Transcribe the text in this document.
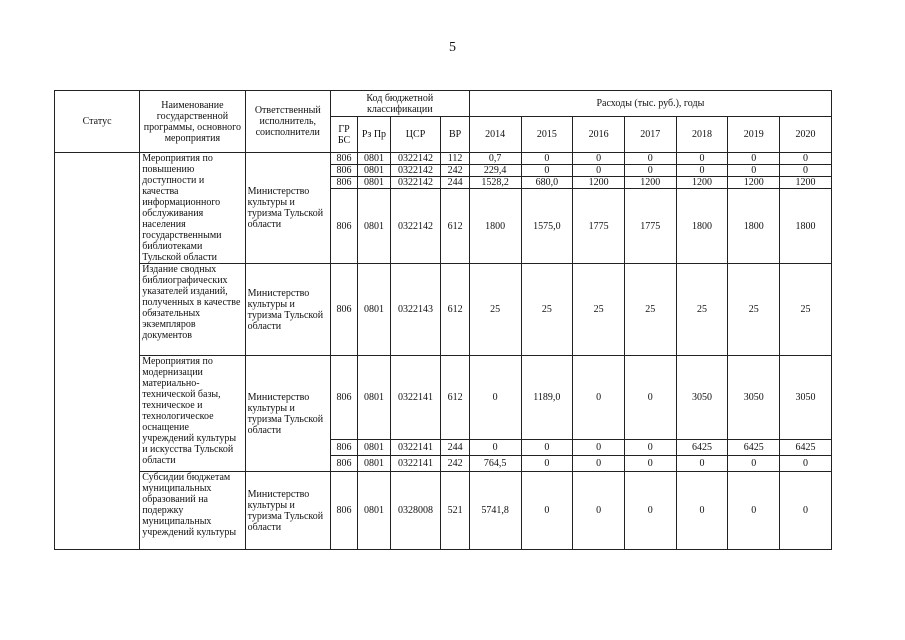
5
Статус	Наименование государственной программы, основного мероприятия	Ответственный исполнитель, соисполнители	Код бюджетной классификации				Расходы (тыс. руб.), годы						
			ГР БС	Рз Пр	ЦСР	ВР	2014	2015	2016	2017	2018	2019	2020
	Мероприятия по повышению доступности и качества информационного обслуживания населения государственными библиотеками Тульской области	Министерство культуры и туризма Тульской области	806	0801	0322142	112	0,7	0	0	0	0	0	0
			806	0801	0322142	242	229,4	0	0	0	0	0	0
			806	0801	0322142	244	1528,2	680,0	1200	1200	1200	1200	1200
			806	0801	0322142	612	1800	1575,0	1775	1775	1800	1800	1800
	Издание сводных библиографических указателей изданий, полученных в качестве обязательных экземпляров документов	Министерство культуры и туризма Тульской области	806	0801	0322143	612	25	25	25	25	25	25	25
	Мероприятия по модернизации материально-технической базы, техническое и технологическое оснащение учреждений культуры и искусства Тульской области	Министерство культуры и туризма Тульской области	806	0801	0322141	612	0	1189,0	0	0	3050	3050	3050
			806	0801	0322141	244	0	0	0	0	6425	6425	6425
			806	0801	0322141	242	764,5	0	0	0	0	0	0
	Субсидии бюджетам муниципальных образований на подержку муниципальных учреждений культуры	Министерство культуры и туризма Тульской области	806	0801	0328008	521	5741,8	0	0	0	0	0	0
